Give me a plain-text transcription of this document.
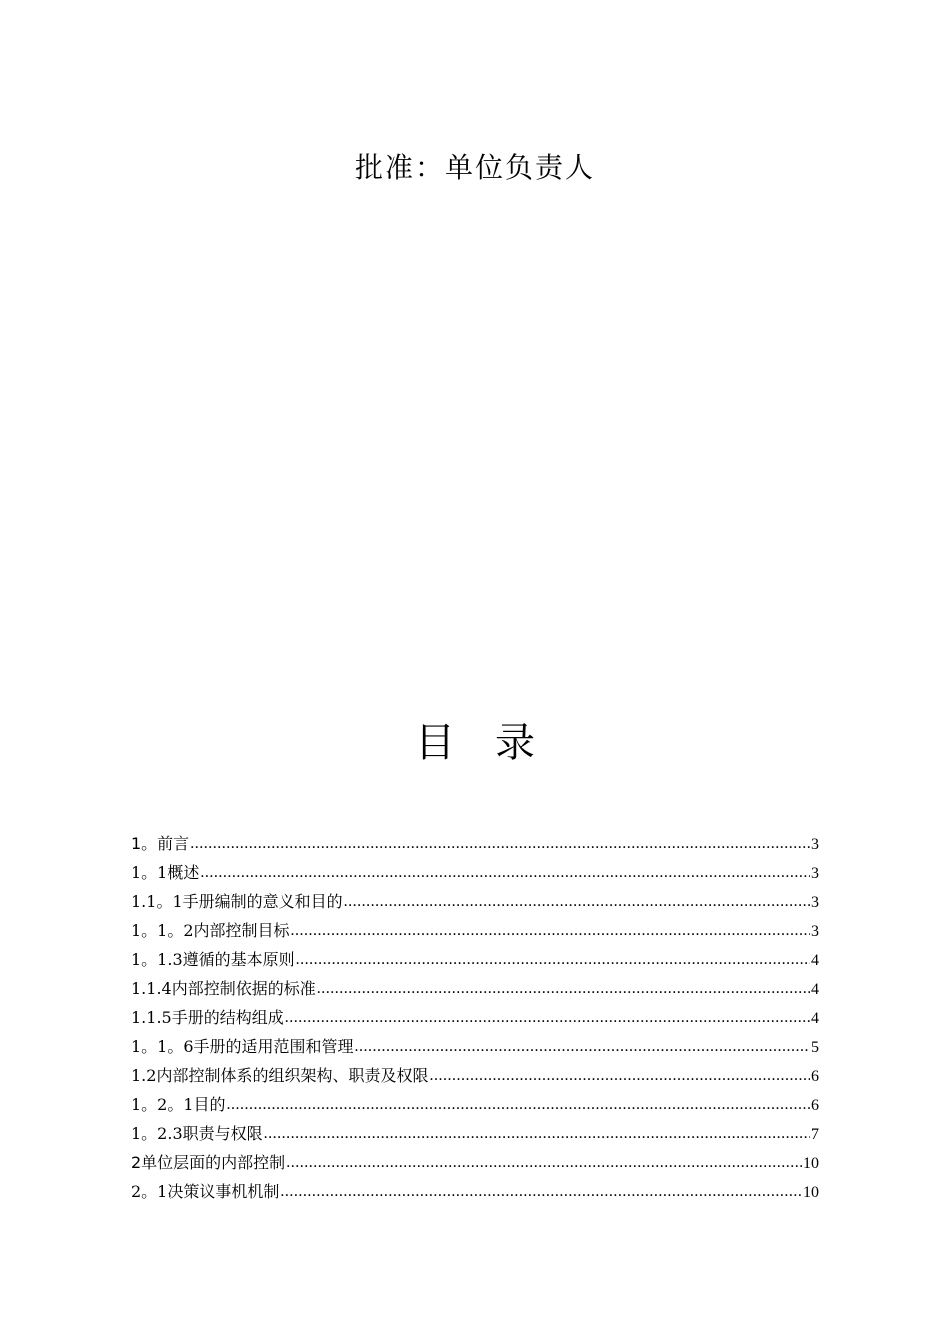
批准：单位负责人
目 录
1。前言 .....	3
1。1概述 .....	3
1.1。1手册编制的意义和目的 .....	3
1。1。2内部控制目标 .....	3
1。1.3遵循的基本原则 .....	4
1.1.4内部控制依据的标准 .....	4
1.1.5手册的结构组成 .....	4
1。1。6手册的适用范围和管理 .....	5
1.2内部控制体系的组织架构、职责及权限 .....	6
1。2。1目的 .....	6
1。2.3职责与权限 .....	7
2单位层面的内部控制 .....	10
2。1决策议事机机制 .....	10
